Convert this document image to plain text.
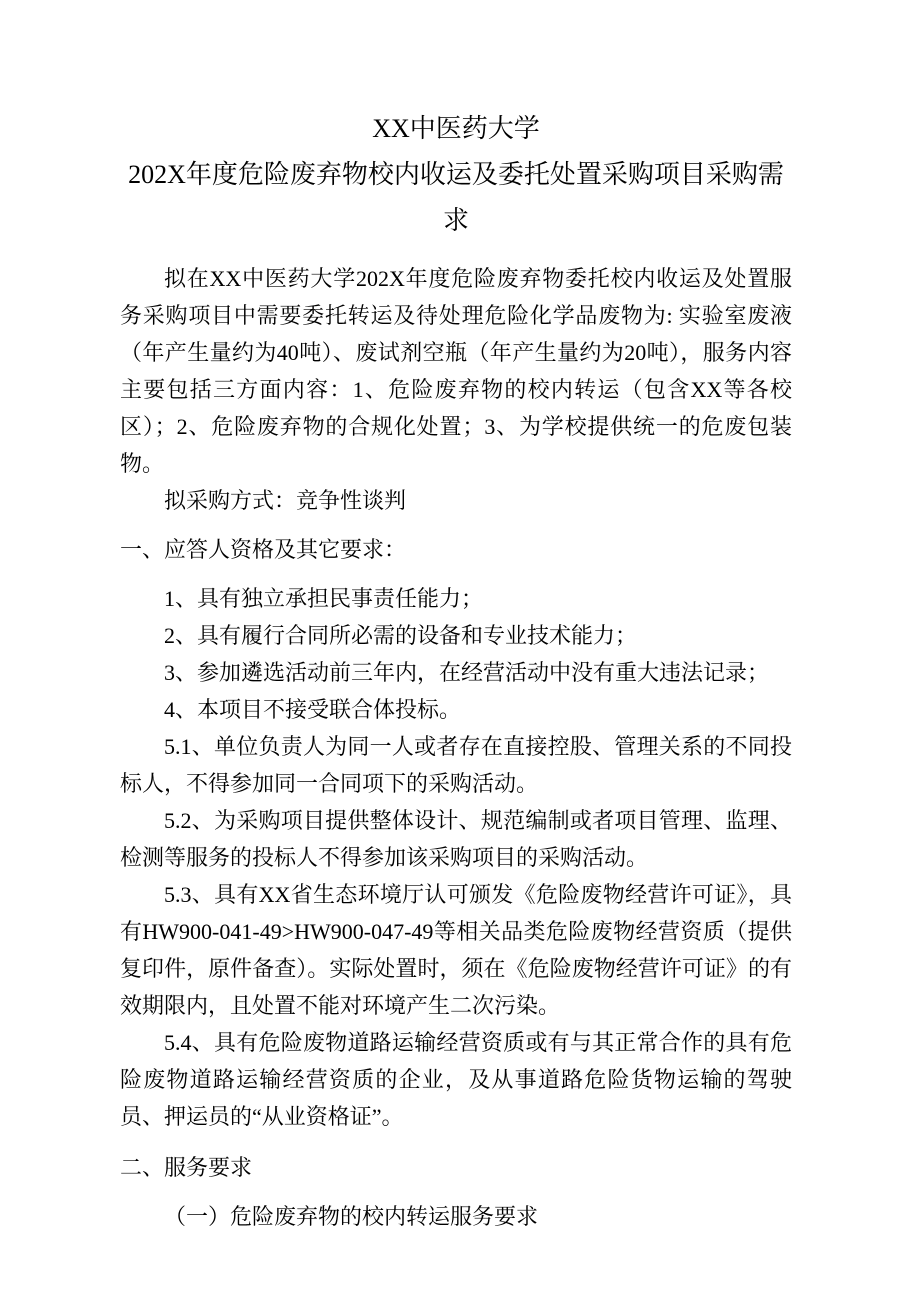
XX中医药大学
202X年度危险废弃物校内收运及委托处置采购项目采购需
求

拟在XX中医药大学202X年度危险废弃物委托校内收运及处置服务采购项目中需要委托转运及待处理危险化学品废物为: 实验室废液（年产生量约为40吨）、废试剂空瓶（年产生量约为20吨），服务内容主要包括三方面内容：1、危险废弃物的校内转运（包含XX等各校区）；2、危险废弃物的合规化处置；3、为学校提供统一的危废包装物。

拟采购方式：竞争性谈判

一、应答人资格及其它要求：

1、具有独立承担民事责任能力；

2、具有履行合同所必需的设备和专业技术能力；

3、参加遴选活动前三年内，在经营活动中没有重大违法记录；

4、本项目不接受联合体投标。

5.1、单位负责人为同一人或者存在直接控股、管理关系的不同投标人，不得参加同一合同项下的采购活动。

5.2、为采购项目提供整体设计、规范编制或者项目管理、监理、检测等服务的投标人不得参加该采购项目的采购活动。

5.3、具有XX省生态环境厅认可颁发《危险废物经营许可证》，具有HW900-041-49>HW900-047-49等相关品类危险废物经营资质（提供复印件，原件备查）。实际处置时，须在《危险废物经营许可证》的有效期限内，且处置不能对环境产生二次污染。

5.4、具有危险废物道路运输经营资质或有与其正常合作的具有危险废物道路运输经营资质的企业，及从事道路危险货物运输的驾驶员、押运员的“从业资格证”。

二、服务要求
（一）危险废弃物的校内转运服务要求
